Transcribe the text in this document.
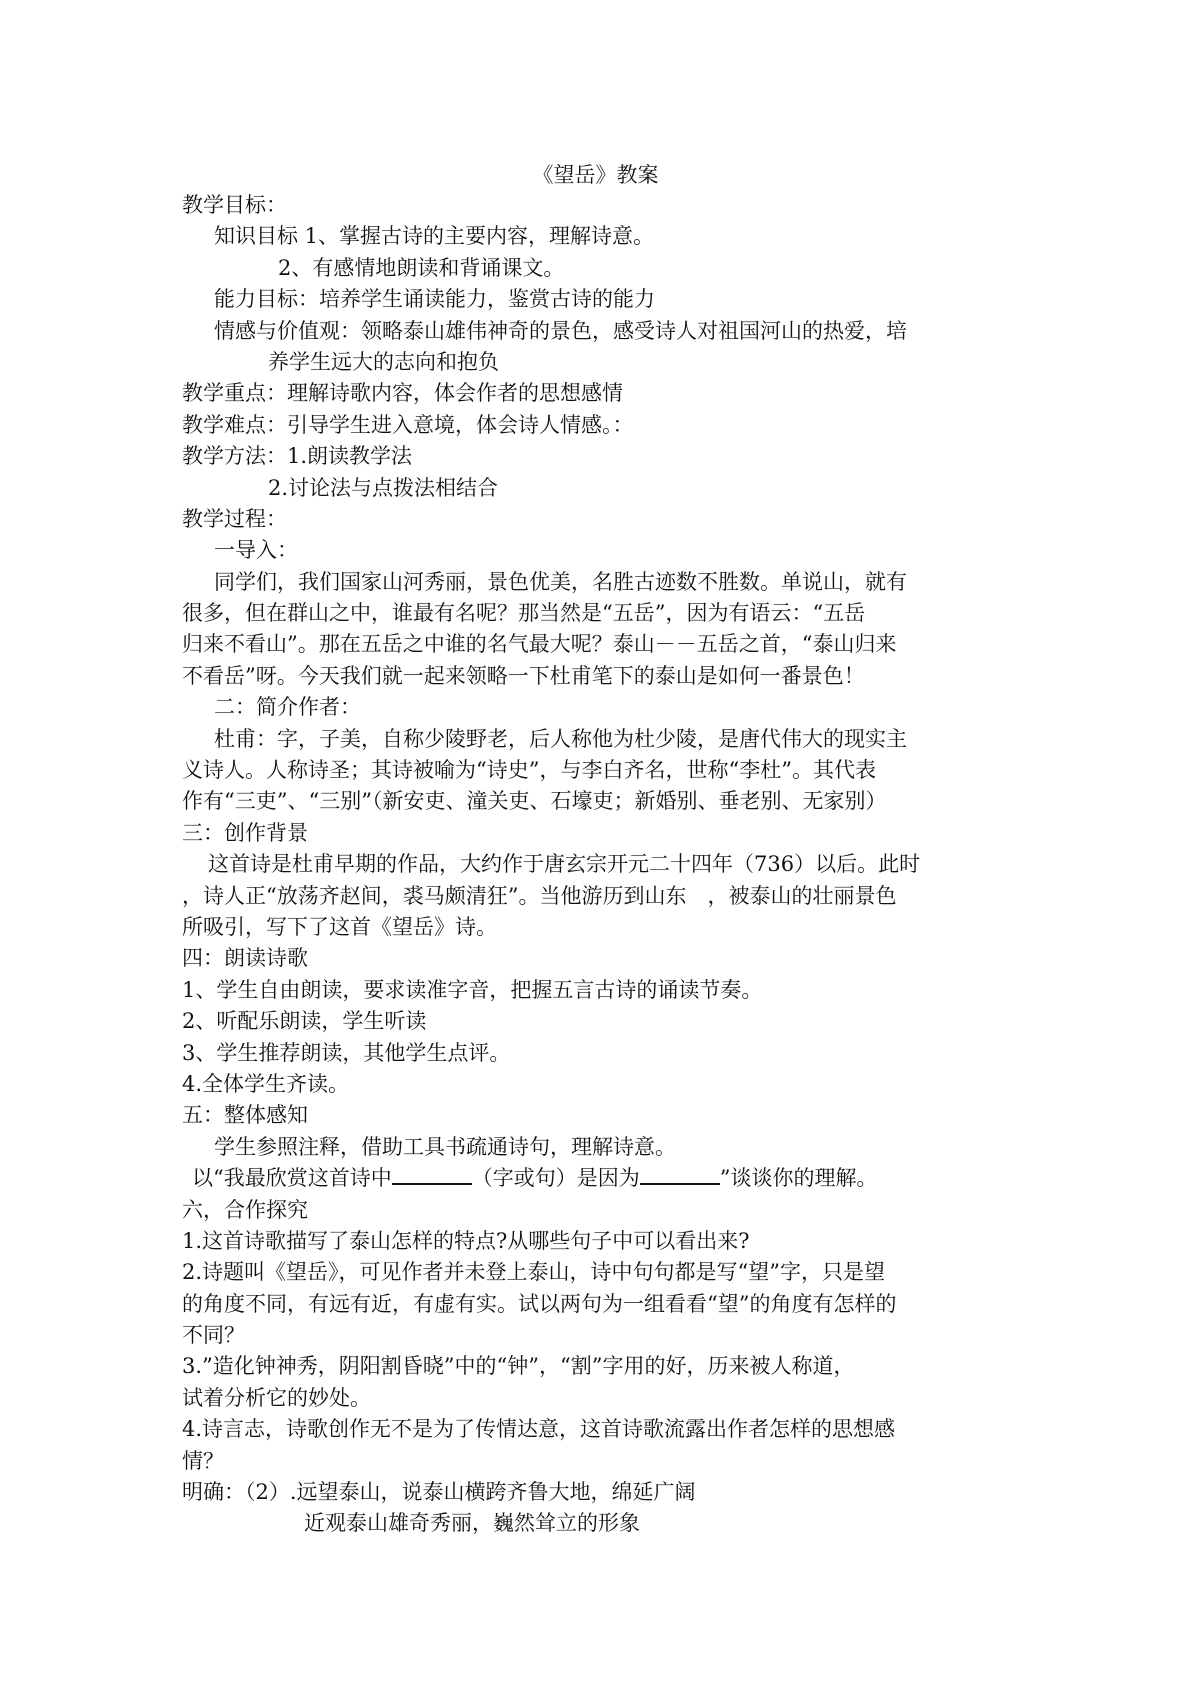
《望岳》教案
教学目标：
知识目标 1、掌握古诗的主要内容，理解诗意。
2、有感情地朗读和背诵课文。
能力目标：培养学生诵读能力，鉴赏古诗的能力
情感与价值观：领略泰山雄伟神奇的景色，感受诗人对祖国河山的热爱，培
养学生远大的志向和抱负
教学重点：理解诗歌内容，体会作者的思想感情
教学难点：引导学生进入意境，体会诗人情感。：
教学方法：1.朗读教学法
2.讨论法与点拨法相结合
教学过程：
一导入：
同学们，我们国家山河秀丽，景色优美，名胜古迹数不胜数。单说山，就有
很多，但在群山之中，谁最有名呢？那当然是“五岳”，因为有语云：“五岳
归来不看山”。那在五岳之中谁的名气最大呢？泰山－－五岳之首，“泰山归来
不看岳”呀。今天我们就一起来领略一下杜甫笔下的泰山是如何一番景色！
二：简介作者：
杜甫：字，子美，自称少陵野老，后人称他为杜少陵，是唐代伟大的现实主
义诗人。人称诗圣；其诗被喻为“诗史”，与李白齐名，世称“李杜”。其代表
作有“三吏”、“三别”（新安吏、潼关吏、石壕吏；新婚别、垂老别、无家别）
三：创作背景
这首诗是杜甫早期的作品，大约作于唐玄宗开元二十四年（736）以后。此时
，诗人正“放荡齐赵间，裘马颇清狂”。当他游历到山东　，被泰山的壮丽景色
所吸引，写下了这首《望岳》诗。
四：朗读诗歌
1、学生自由朗读，要求读准字音，把握五言古诗的诵读节奏。
2、听配乐朗读，学生听读
3、学生推荐朗读，其他学生点评。
4.全体学生齐读。
五：整体感知
学生参照注释，借助工具书疏通诗句，理解诗意。
以“我最欣赏这首诗中	（字或句）是因为	”谈谈你的理解。
六，合作探究
1.这首诗歌描写了泰山怎样的特点?从哪些句子中可以看出来?
2.诗题叫《望岳》，可见作者并未登上泰山，诗中句句都是写“望”字，只是望
的角度不同，有远有近，有虚有实。试以两句为一组看看“望”的角度有怎样的
不同？
3.”造化钟神秀，阴阳割昏晓”中的“钟”，“割”字用的好，历来被人称道，
试着分析它的妙处。
4.诗言志，诗歌创作无不是为了传情达意，这首诗歌流露出作者怎样的思想感
情？
明确：（2）.远望泰山，说泰山横跨齐鲁大地，绵延广阔
近观泰山雄奇秀丽，巍然耸立的形象
